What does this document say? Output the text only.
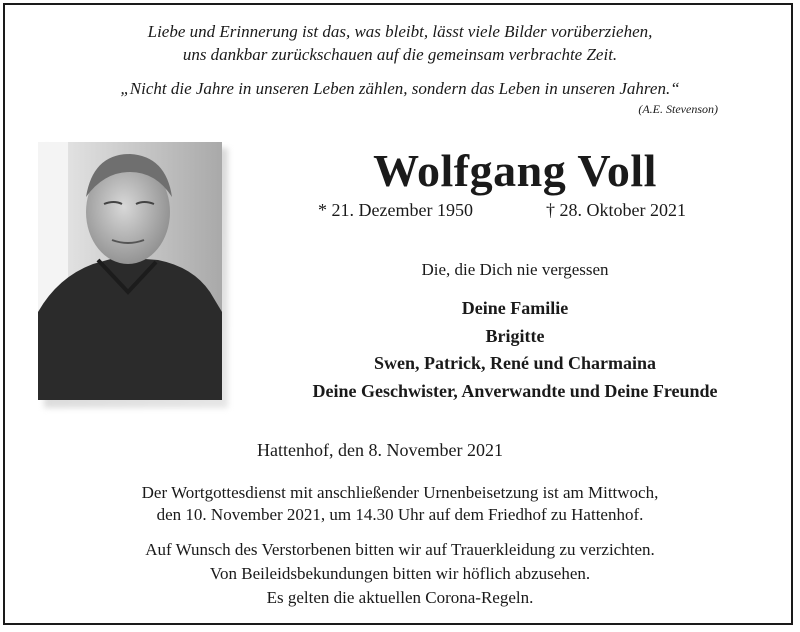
Liebe und Erinnerung ist das, was bleibt, lässt viele Bilder vorüberziehen,
uns dankbar zurückschauen auf die gemeinsam verbrachte Zeit.
„Nicht die Jahre in unseren Leben zählen, sondern das Leben in unseren Jahren.“
(A.E. Stevenson)
Wolfgang Voll
* 21. Dezember 1950	† 28. Oktober 2021
Die, die Dich nie vergessen
Deine Familie
Brigitte
Swen, Patrick, René und Charmaina
Deine Geschwister, Anverwandte und Deine Freunde
Hattenhof, den 8. November 2021
Der Wortgottesdienst mit anschließender Urnenbeisetzung ist am Mittwoch,
den 10. November 2021, um 14.30 Uhr auf dem Friedhof zu Hattenhof.
Auf Wunsch des Verstorbenen bitten wir auf Trauerkleidung zu verzichten.
Von Beileidsbekundungen bitten wir höflich abzusehen.
Es gelten die aktuellen Corona-Regeln.
